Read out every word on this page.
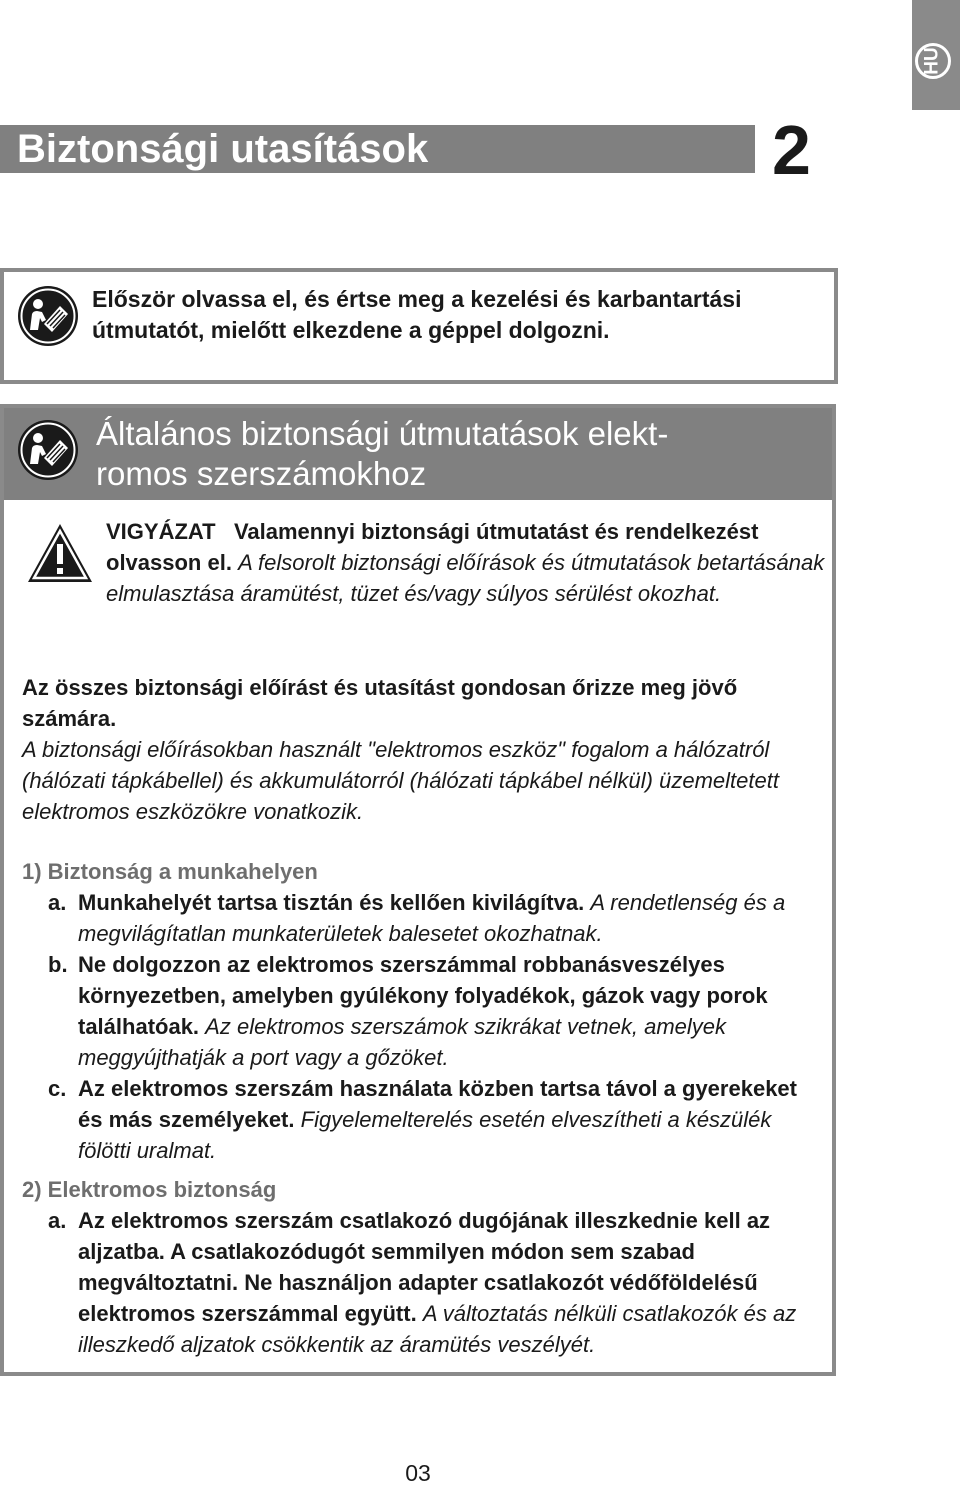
HU
Biztonsági utasítások	2
Először olvassa el, és értse meg a kezelési és karbantartási útmutatót, mielőtt elkezdene a géppel dolgozni.
Általános biztonsági útmutatások elekt-
romos szerszámokhoz
VIGYÁZAT Valamennyi biztonsági útmutatást és rendelkezést olvasson el. A felsorolt biztonsági előírások és útmutatások betartásának elmulasztása áramütést, tüzet és/vagy súlyos sérülést okozhat.
Az összes biztonsági előírást és utasítást gondosan őrizze meg jövő számára.
A biztonsági előírásokban használt "elektromos eszköz" fogalom a hálózatról (hálózati tápkábellel) és akkumulátorról (hálózati tápkábel nélkül) üzemeltetett elektromos eszközökre vonatkozik.
1) Biztonság a munkahelyen
a. Munkahelyét tartsa tisztán és kellően kivilágítva. A rendetlenség és a megvilágítatlan munkaterületek balesetet okozhatnak.
b. Ne dolgozzon az elektromos szerszámmal robbanásveszélyes környezetben, amelyben gyúlékony folyadékok, gázok vagy porok találhatóak. Az elektromos szerszámok szikrákat vetnek, amelyek meggyújthatják a port vagy a gőzöket.
c. Az elektromos szerszám használata közben tartsa távol a gyerekeket és más személyeket. Figyelemelterelés esetén elveszítheti a készülék fölötti uralmat.
2) Elektromos biztonság
a. Az elektromos szerszám csatlakozó dugójának illeszkednie kell az aljzatba. A csatlakozódugót semmilyen módon sem szabad megváltoztatni. Ne használjon adapter csatlakozót védőföldelésű elektromos szerszámmal együtt. A változtatás nélküli csatlakozók és az illeszkedő aljzatok csökkentik az áramütés veszélyét.
03
